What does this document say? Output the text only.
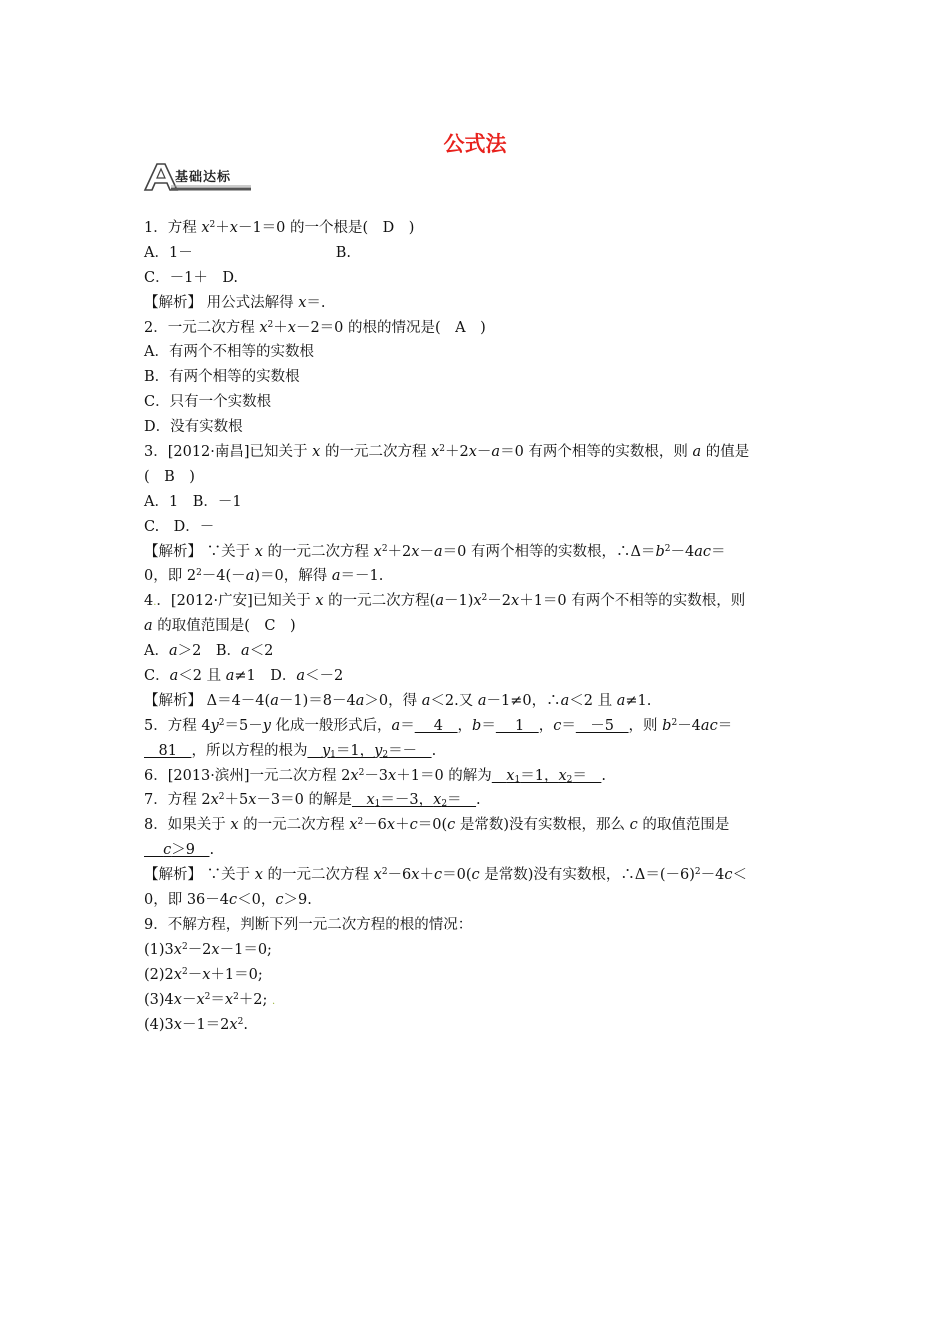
公式法
基础达标
1．方程 $x^2+x-1=0$ 的一个根是(　D　)
A．1－	B.
C．－1＋　D.
【解析】 用公式法解得 x＝.
2．一元二次方程 $x^2+x-2=0$ 的根的情况是(　A　)
A．有两个不相等的实数根
B．有两个相等的实数根
C．只有一个实数根
D．没有实数根
3．[2012·南昌]已知关于 x 的一元二次方程 $x^2+2x-a=0$ 有两个相等的实数根，则 a 的值是
(　B　)
A．1　B．－1
C.　D．－
【解析】 ∵关于 x 的一元二次方程 $x^2+2x-a=0$ 有两个相等的实数根，$\therefore\Delta=b^2-4ac=$
0，即 $2^2-4(-a)=0$，解得 a＝－1.
4.．[2012·广安]已知关于 x 的一元二次方程$(a-1)x^2-2x+1=0$ 有两个不相等的实数根，则
a 的取值范围是(　C　)
A．a＞2　B．a＜2
C．a＜2 且 a≠1　D．a＜－2
【解析】 Δ＝4－4(a－1)＝8－4a＞0，得 a＜2.又 a－1≠0，∴a＜2 且 a≠1.
5．方程 $4y^2=5-y$ 化成一般形式后，a＝　 4　，b＝　 1　，c＝　－5　，则 $b^2-4ac=$
　81　，所以方程的根为　 $y_1=1$，$y_2=-$　.
6．[2013·滨州]一元二次方程 $2x^2-3x+1=0$ 的解为　 $x_1=1$，$x_2=$　.
7．方程 $2x^2+5x-3=0$ 的解是　 $x_1=-3$，$x_2=$　.
8．如果关于 x 的一元二次方程 $x^2-6x+c=0(c$ 是常数)没有实数根，那么 c 的取值范围是
　 c＞9　.
【解析】 ∵关于 x 的一元二次方程 $x^2-6x+c=0(c$ 是常数)没有实数根，$\therefore\Delta=(-6)^2-4c<$
0，即 36－4c＜0，c＞9.
9．不解方程，判断下列一元二次方程的根的情况：
$(1)3x^2-2x-1=0$;
$(2)2x^2-x+1=0$;
$(3)4x-x^2=x^2+2$; .
$(4)3x-1=2x^2$.
